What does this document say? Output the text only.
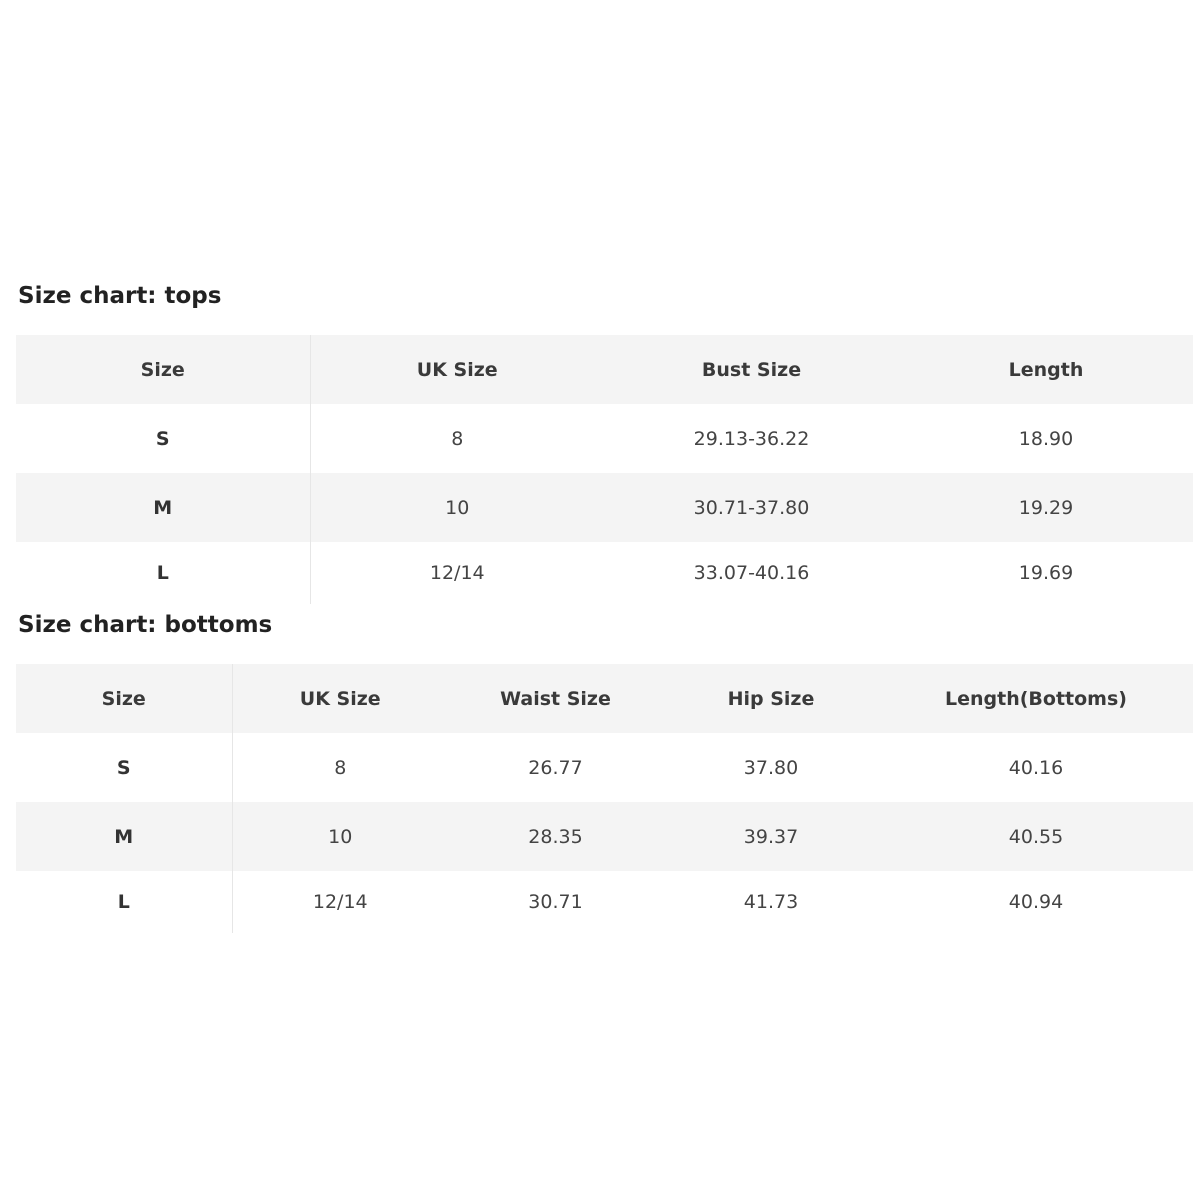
Size chart: tops
Size	UK Size	Bust Size	Length
S	8	29.13-36.22	18.90
M	10	30.71-37.80	19.29
L	12/14	33.07-40.16	19.69
Size chart: bottoms
Size	UK Size	Waist Size	Hip Size	Length(Bottoms)
S	8	26.77	37.80	40.16
M	10	28.35	39.37	40.55
L	12/14	30.71	41.73	40.94
